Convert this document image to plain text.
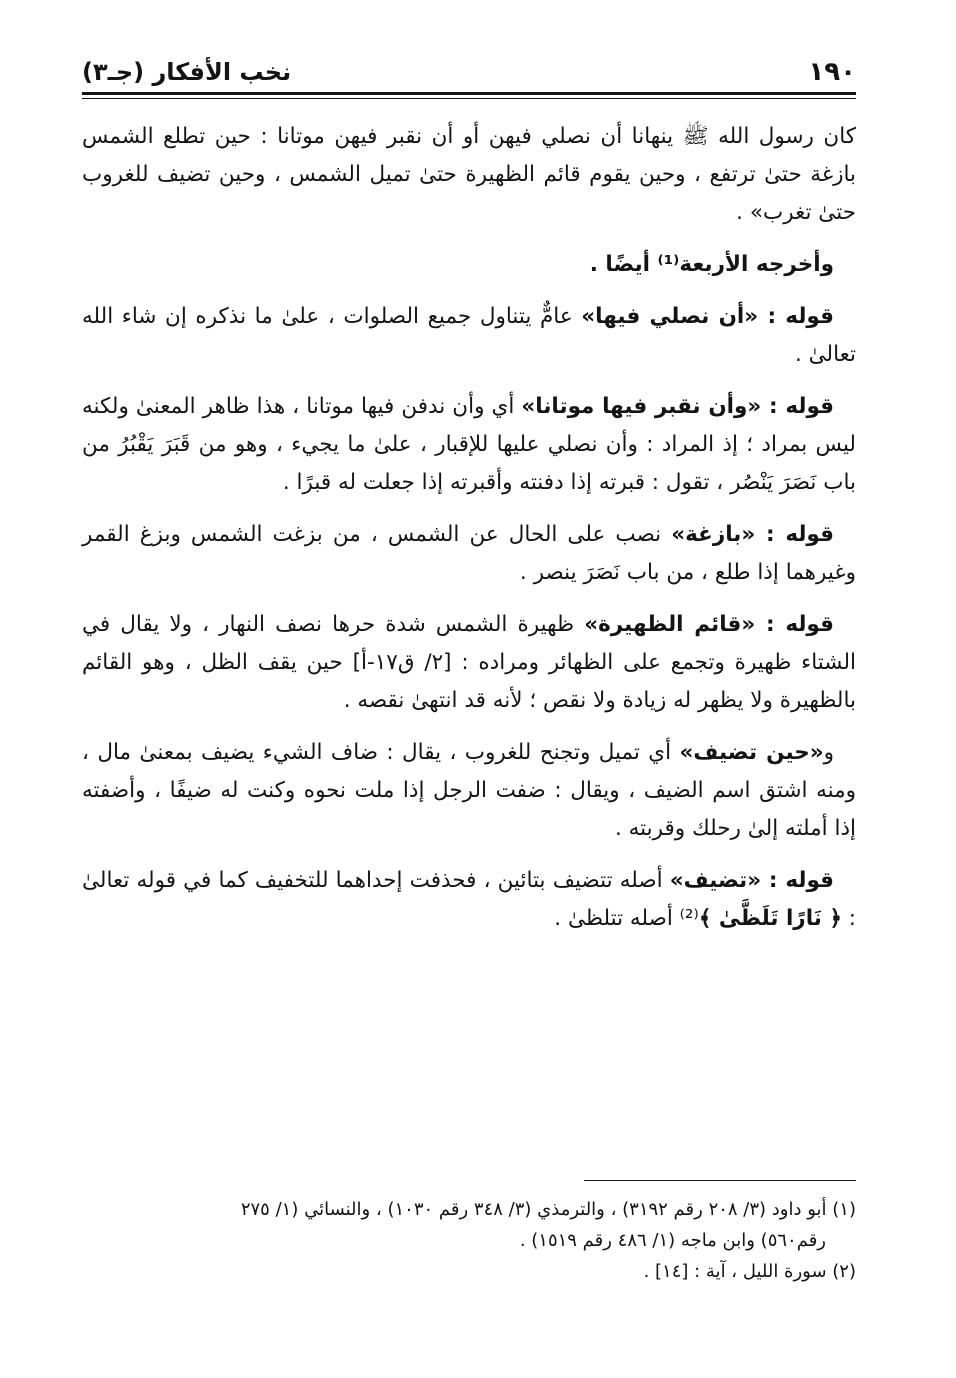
١٩٠
نخب الأفكار (جـ٣)

كان رسول الله ﷺ ينهانا أن نصلي فيهن أو أن نقبر فيهن موتانا : حين تطلع الشمس بازغة حتىٰ ترتفع ، وحين يقوم قائم الظهيرة حتىٰ تميل الشمس ، وحين تضيف للغروب حتىٰ تغرب» .

وأخرجه الأربعة⁽¹⁾ أيضًا .

قوله : «أن نصلي فيها» عامٌّ يتناول جميع الصلوات ، علىٰ ما نذكره إن شاء الله تعالىٰ .

قوله : «وأن نقبر فيها موتانا» أي وأن ندفن فيها موتانا ، هذا ظاهر المعنىٰ ولكنه ليس بمراد ؛ إذ المراد : وأن نصلي عليها للإقبار ، علىٰ ما يجيء ، وهو من قَبَرَ يَقْبُرُ من باب نَصَرَ يَنْصُر ، تقول : قبرته إذا دفنته وأقبرته إذا جعلت له قبرًا .

قوله : «بازغة» نصب على الحال عن الشمس ، من بزغت الشمس وبزغ القمر وغيرهما إذا طلع ، من باب نَصَرَ ينصر .

قوله : «قائم الظهيرة» ظهيرة الشمس شدة حرها نصف النهار ، ولا يقال في الشتاء ظهيرة وتجمع على الظهائر ومراده : [٢/ ق١٧-أ] حين يقف الظل ، وهو القائم بالظهيرة ولا يظهر له زيادة ولا نقص ؛ لأنه قد انتهىٰ نقصه .

و«حين تضيف» أي تميل وتجنح للغروب ، يقال : ضاف الشيء يضيف بمعنىٰ مال ، ومنه اشتق اسم الضيف ، ويقال : ضفت الرجل إذا ملت نحوه وكنت له ضيفًا ، وأضفته إذا أملته إلىٰ رحلك وقربته .

قوله : «تضيف» أصله تتضيف بتائين ، فحذفت إحداهما للتخفيف كما في قوله تعالىٰ : ﴿ نَارًا تَلَظَّىٰ ﴾⁽²⁾ أصله تتلظىٰ .

(١) أبو داود (٣/ ٢٠٨ رقم ٣١٩٢) ، والترمذي (٣/ ٣٤٨ رقم ١٠٣٠) ، والنسائي (١/ ٢٧٥

رقم٥٦٠) وابن ماجه (١/ ٤٨٦ رقم ١٥١٩) .

(٢) سورة الليل ، آية : [١٤] .
